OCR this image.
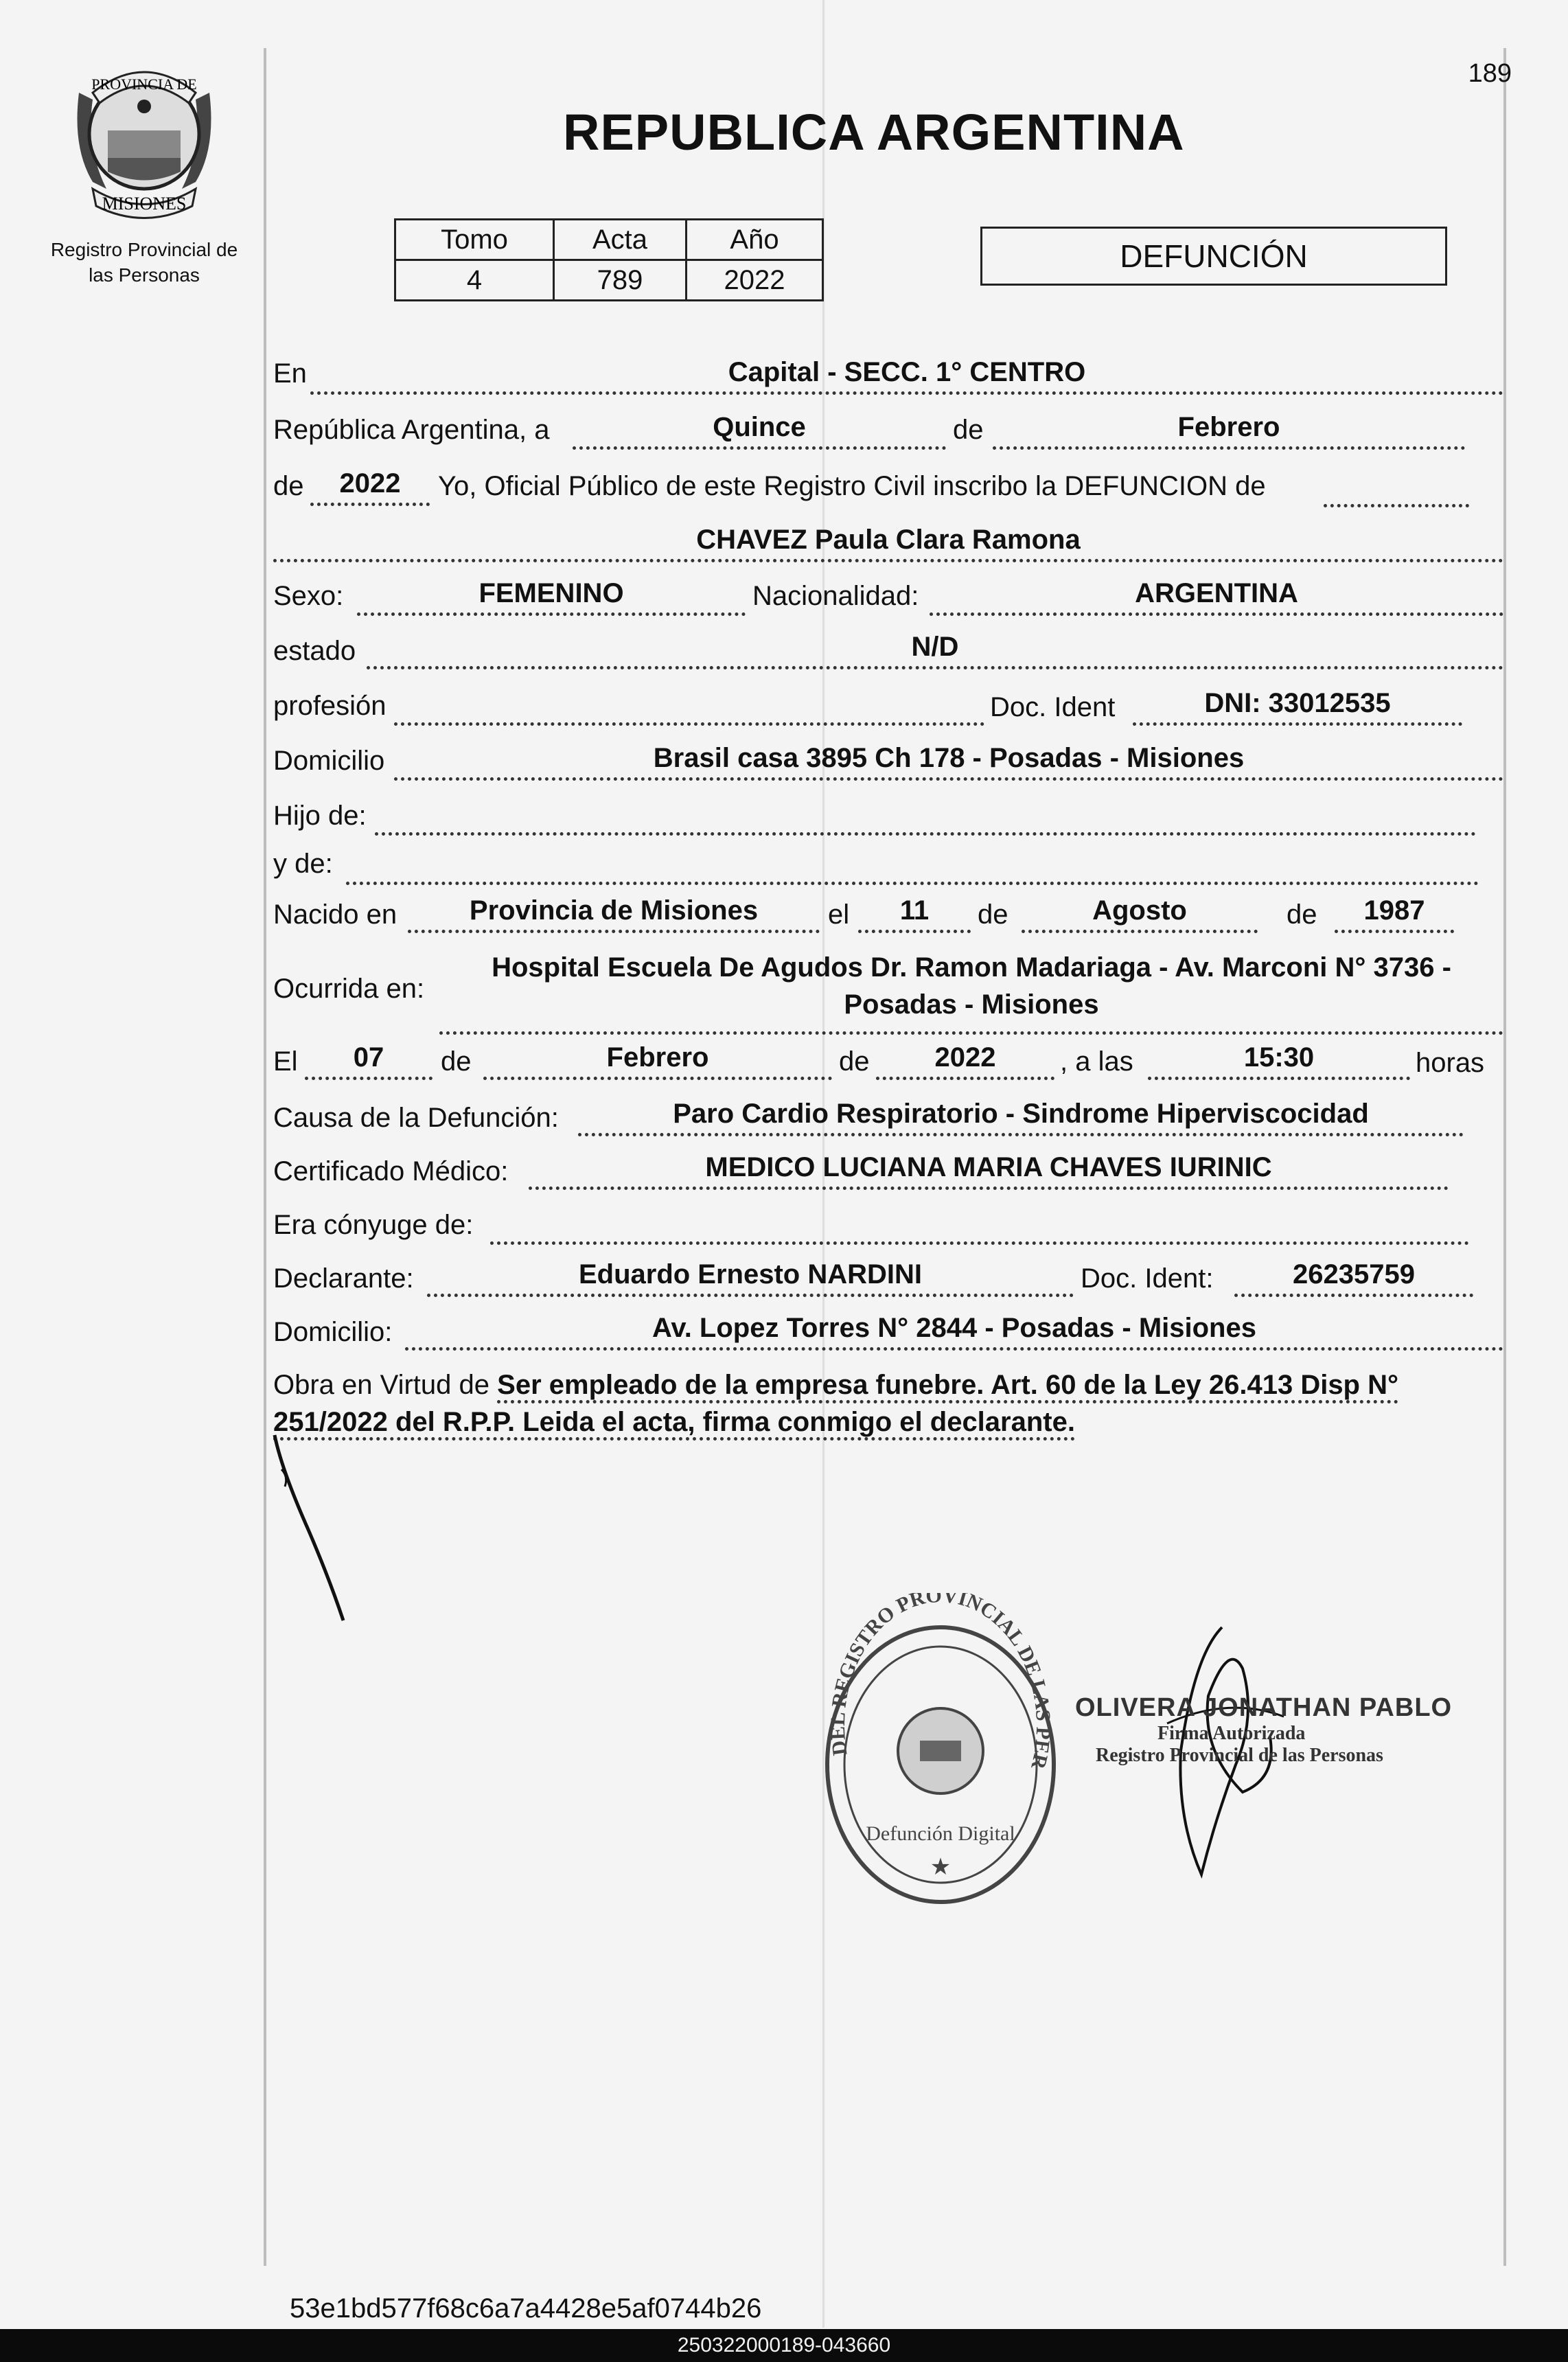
189
PROVINCIA DE
MISIONES
Registro Provincial de
las Personas
REPUBLICA ARGENTINA
Tomo	Acta	Año
4	789	2022
DEFUNCIÓN
En	Capital - SECC. 1° CENTRO
República Argentina, a	Quince	de	Febrero
de	2022	Yo, Oficial Público de este Registro Civil inscribo la DEFUNCION de
CHAVEZ Paula Clara Ramona
Sexo:	FEMENINO	Nacionalidad:	ARGENTINA
estado	N/D
profesión	Doc. Ident	DNI: 33012535
Domicilio	Brasil casa 3895 Ch 178 - Posadas - Misiones
Hijo de:
y de:
Nacido en	Provincia de Misiones	el	11	de	Agosto	de	1987
Ocurrida en:
Hospital Escuela De Agudos Dr. Ramon Madariaga - Av. Marconi N° 3736 -
Posadas - Misiones
El	07	de	Febrero	de	2022	, a las	15:30	horas
Causa de la Defunción:	Paro Cardio Respiratorio - Sindrome Hiperviscocidad
Certificado Médico:	MEDICO LUCIANA MARIA CHAVES IURINIC
Era cónyuge de:
Declarante:	Eduardo Ernesto NARDINI	Doc. Ident:	26235759
Domicilio:	Av. Lopez Torres N° 2844 - Posadas - Misiones
Obra en Virtud de Ser empleado de la empresa funebre. Art. 60 de la Ley 26.413 Disp N°
251/2022 del R.P.P. Leida el acta, firma conmigo el declarante.
DEL REGISTRO PROVINCIAL DE LAS PER
Defunción Digital
★
OLIVERA JONATHAN PABLO
Firma Autorizada
Registro Provincial de las Personas
53e1bd577f68c6a7a4428e5af0744b26
250322000189-043660
